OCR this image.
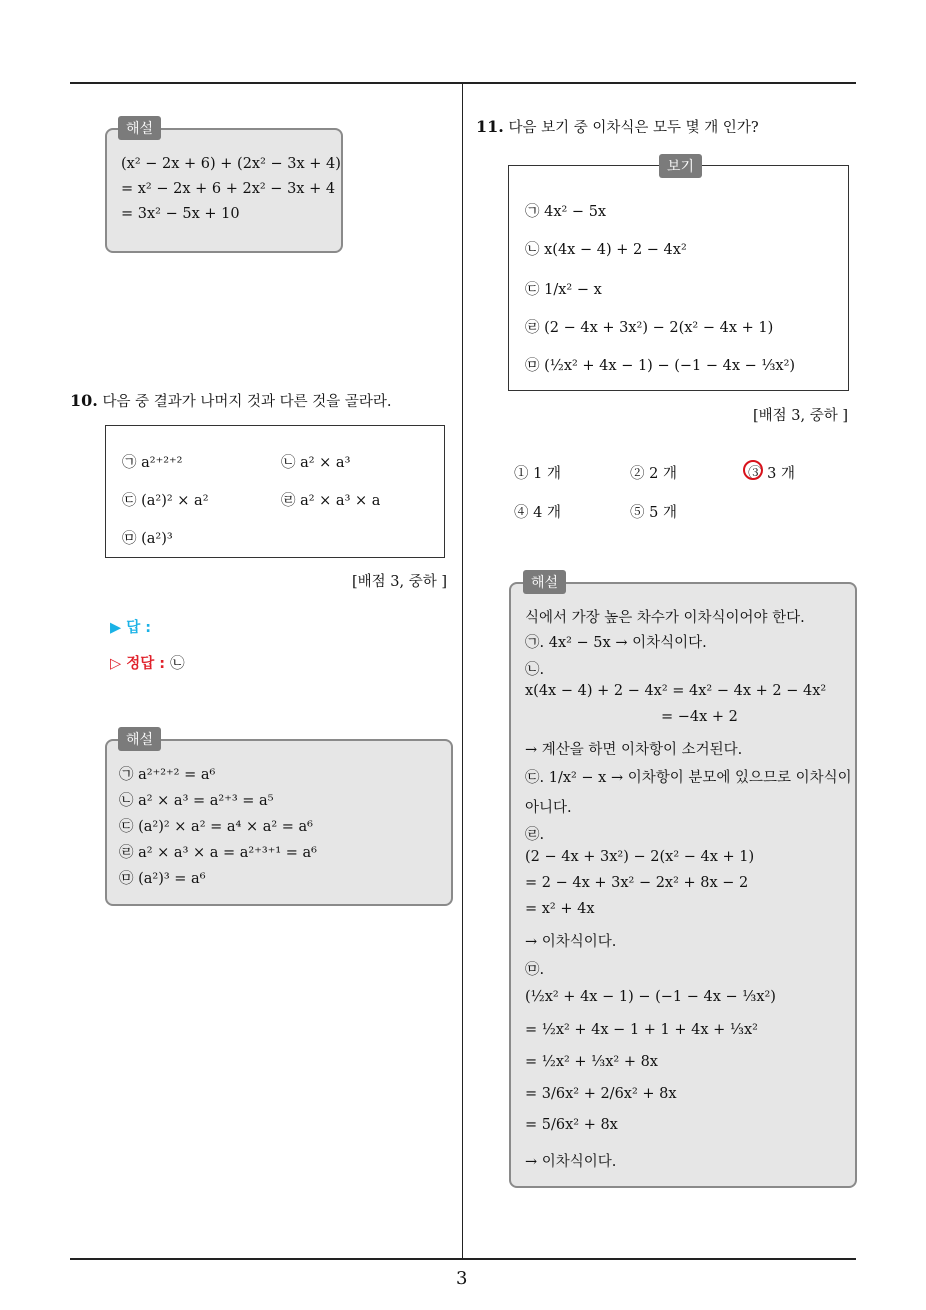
(x² − 2x + 6) + (2x² − 3x + 4)
= x² − 2x + 6 + 2x² − 3x + 4
= 3x² − 5x + 10
해설
10. 다음 중 결과가 나머지 것과 다른 것을 골라라.
㉠ a²⁺²⁺²	㉡ a² × a³
㉢ (a²)² × a²	㉣ a² × a³ × a
㉤ (a²)³
[배점 3, 중하 ]
▶ 답 :
▷ 정답 : ㉡
㉠ a²⁺²⁺² = a⁶
㉡ a² × a³ = a²⁺³ = a⁵
㉢ (a²)² × a² = a⁴ × a² = a⁶
㉣ a² × a³ × a = a²⁺³⁺¹ = a⁶
㉤ (a²)³ = a⁶
해설
11. 다음 보기 중 이차식은 모두 몇 개 인가?
㉠ 4x² − 5x
㉡ x(4x − 4) + 2 − 4x²
㉢ 1/x² − x
㉣ (2 − 4x + 3x²) − 2(x² − 4x + 1)
㉤ (½x² + 4x − 1) − (−1 − 4x − ⅓x²)
보기
[배점 3, 중하 ]
① 1 개	② 2 개	③ 3 개
④ 4 개	⑤ 5 개
식에서 가장 높은 차수가 이차식이어야 한다.
㉠. 4x² − 5x → 이차식이다.
㉡.
x(4x − 4) + 2 − 4x² = 4x² − 4x + 2 − 4x²
= −4x + 2
→ 계산을 하면 이차항이 소거된다.
㉢. 1/x² − x → 이차항이 분모에 있으므로 이차식이
아니다.
㉣.
(2 − 4x + 3x²) − 2(x² − 4x + 1)
= 2 − 4x + 3x² − 2x² + 8x − 2
= x² + 4x
→ 이차식이다.
㉤.
(½x² + 4x − 1) − (−1 − 4x − ⅓x²)
= ½x² + 4x − 1 + 1 + 4x + ⅓x²
= ½x² + ⅓x² + 8x
= 3/6x² + 2/6x² + 8x
= 5/6x² + 8x
→ 이차식이다.
해설
3
